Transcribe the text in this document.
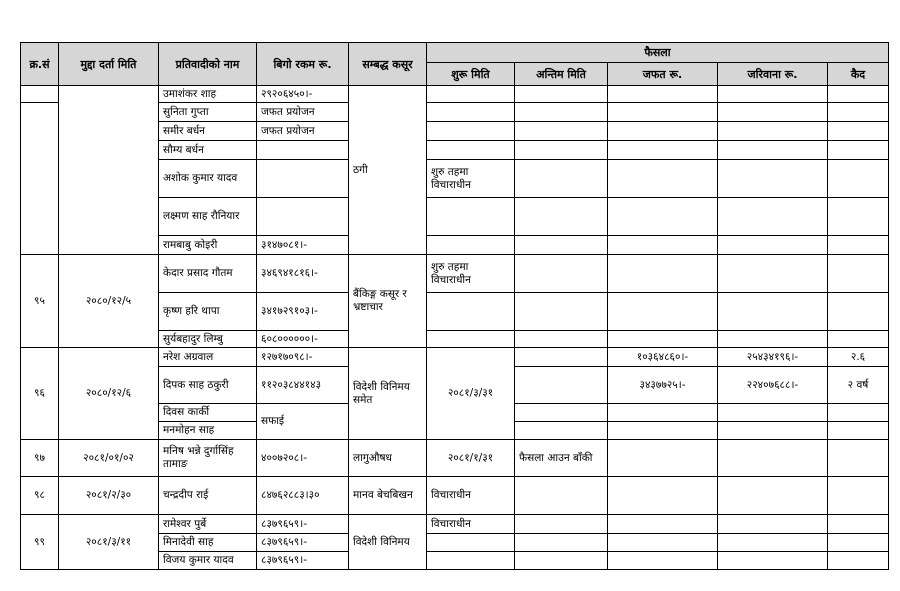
क्र.सं	मुद्दा दर्ता मिति	प्रतिवादीको नाम	बिगो रकम रू.	सम्बद्ध कसूर	फैसला				
					शुरू मिति	अन्तिम मिति	जफत रू.	जरिवाना रू.	कैद
		उमाशंकर शाह	२९२०६४५०।-	ठगी					
		सुनिता गुप्ता	जफत प्रयोजन						
		समीर बर्धन	जफत प्रयोजन						
		सौम्य बर्धन							
		अशोक कुमार यादव			शुरु तहमा विचाराधीन				
		लक्ष्मण साह रौनियार							
		रामबाबु कोइरी	३१४७०८१।-						
९५	२०८०/१२/५	केदार प्रसाद गौतम	३४६९४१८१६।-	बैंकिङ्ग कसूर र भ्रष्टाचार	शुरु तहमा विचाराधीन				
		कृष्ण हरि थापा	३४१७२९१०३।-						
		सुर्यबहादुर लिम्बु	६०८००००००।-						
९६	२०८०/१२/६	नरेश अग्रवाल	१२७१७०९८।-	विदेशी विनिमय समेत	२०८१/३/३१		१०३६४८६०।-	२५४३४१९६।-	२.६
		दिपक साह ठकुरी	११२०३८४४१४३				३४३७७२५।-	२२४०७६८८।-	२ वर्ष
		दिवस कार्की	सफाई						
		मनमोहन साह							
९७	२०८१/०१/०२	मनिष भन्ने दुर्गासिंह तामाङ	४००७२०८।-	लागुऔषध	२०८१/१/३१	फैसला आउन बाँकी			
९८	२०८१/२/३०	चन्द्रदीप राई	८४७६२८८३।३०	मानव बेचबिखन	विचाराधीन				
९९	२०८१/३/११	रामेश्वर पुर्बे	८३७९६५९।-	विदेशी विनिमय	विचाराधीन				
		मिनादेवी साह	८३७९६५९।-						
		विजय कुमार यादव	८३७९६५९।-						
